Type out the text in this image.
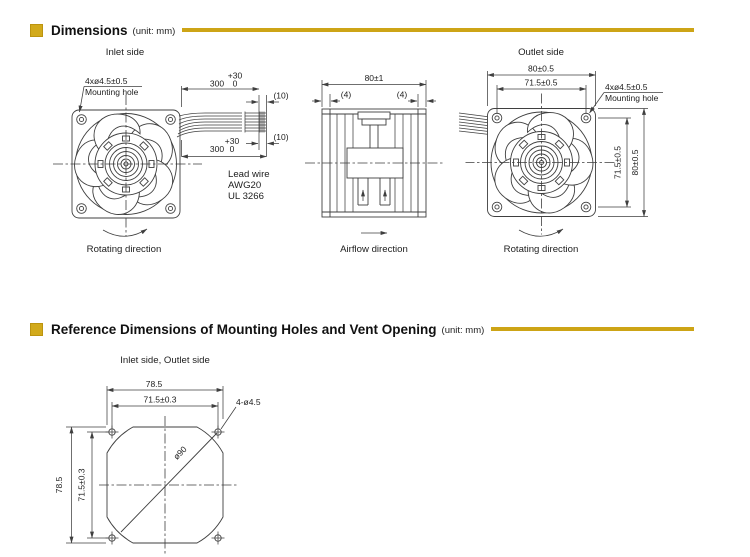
Dimensions (unit: mm)
Inlet side	Outlet side
4xø4.5±0.5
Mounting hole
300
+30
0
(10)
(10)
300
+30
0
Lead wire
AWG20
UL 3266
Rotating direction
80±1
(4)	(4)
Airflow direction
80±0.5
71.5±0.5	4xø4.5±0.5
Mounting hole
71.5±0.5 80±0.5
Rotating direction
Reference Dimensions of Mounting Holes and Vent Opening (unit: mm)
Inlet side, Outlet side
ø90
78.5
71.5±0.3	4-ø4.5
78.5 71.5±0.3
